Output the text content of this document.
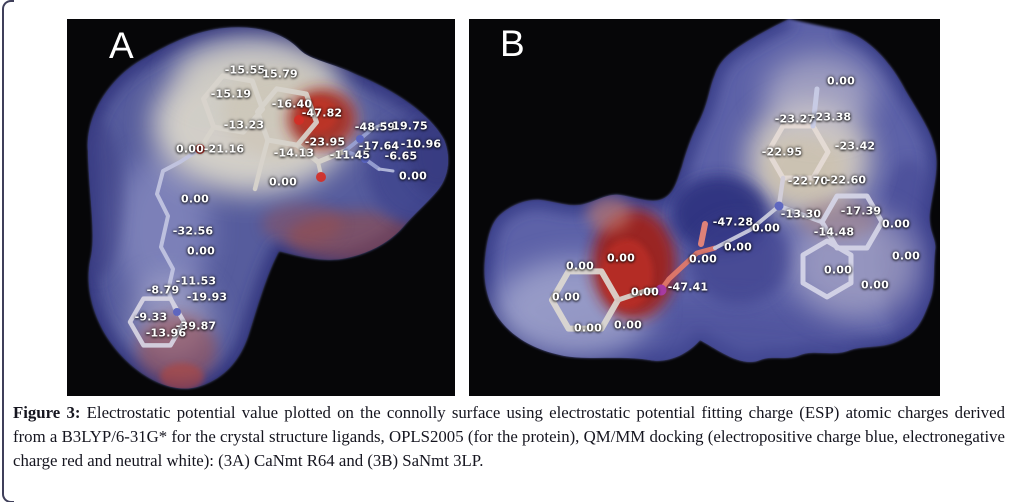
A
-15.55
15.79
-15.19
-16.40
-47.82
-13.23	-48.59
19.75
0.00 -21.16
-23.95
-14.13 -11.45
-17.64 -10.96
-6.65
0.00
0.00
0.00
-32.56
0.00
-11.53
-8.79
-19.93
-9.33
-39.87
-13.96
B
0.00
-23.27
-23.38
-22.95	-23.42
-22.70
-22.60
-13.30 -17.39
-14.48
0.00
-47.28
0.00
0.00
0.00
0.00
0.00
0.00
0.00
0.00
-47.41
0.00
0.00
0.00 0.00

Figure 3: Electrostatic potential value plotted on the connolly surface using electrostatic potential fitting charge (ESP) atomic charges derived from a B3LYP/6-31G* for the crystal structure ligands, OPLS2005 (for the protein), QM/MM docking (electropositive charge blue, electronegative charge red and neutral white): (3A) CaNmt R64 and (3B) SaNmt 3LP.
